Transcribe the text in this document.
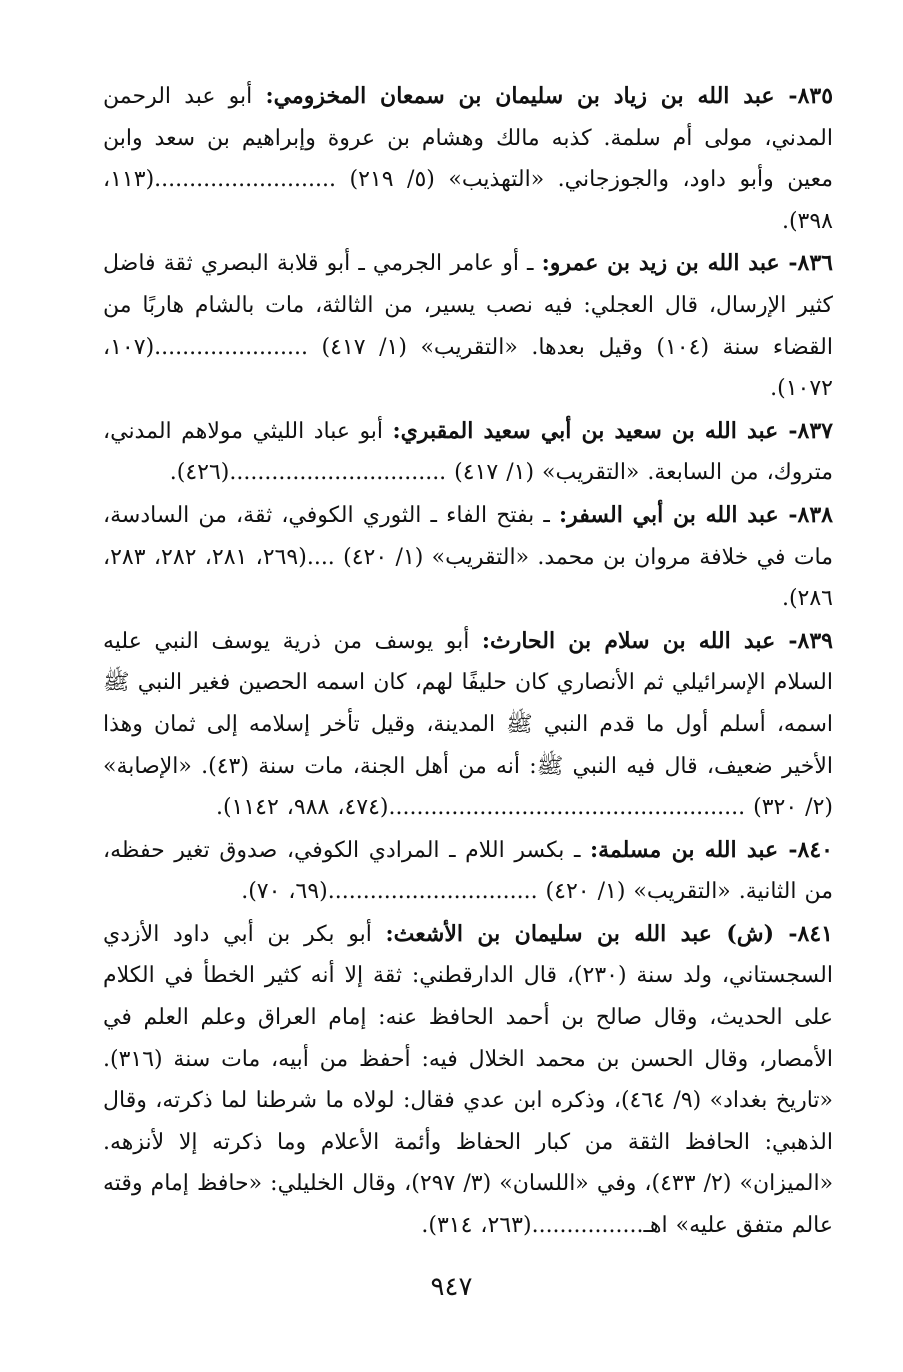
٨٣٥- عبد الله بن زياد بن سليمان بن سمعان المخزومي: أبو عبد الرحمن المدني، مولى أم سلمة. كذبه مالك وهشام بن عروة وإبراهيم بن سعد وابن معين وأبو داود، والجوزجاني. «التهذيب» (٥/ ٢١٩) ..........................(١١٣، ٣٩٨).

٨٣٦- عبد الله بن زيد بن عمرو: ـ أو عامر الجرمي ـ أبو قلابة البصري ثقة فاضل كثير الإرسال، قال العجلي: فيه نصب يسير، من الثالثة، مات بالشام هاربًا من القضاء سنة (١٠٤) وقيل بعدها. «التقريب» (١/ ٤١٧) ......................(١٠٧، ١٠٧٢).

٨٣٧- عبد الله بن سعيد بن أبي سعيد المقبري: أبو عباد الليثي مولاهم المدني، متروك، من السابعة. «التقريب» (١/ ٤١٧) ...............................(٤٢٦).

٨٣٨- عبد الله بن أبي السفر: ـ بفتح الفاء ـ الثوري الكوفي، ثقة، من السادسة، مات في خلافة مروان بن محمد. «التقريب» (١/ ٤٢٠) ....(٢٦٩، ٢٨١، ٢٨٢، ٢٨٣، ٢٨٦).

٨٣٩- عبد الله بن سلام بن الحارث: أبو يوسف من ذرية يوسف النبي عليه السلام الإسرائيلي ثم الأنصاري كان حليفًا لهم، كان اسمه الحصين فغير النبي ﷺ اسمه، أسلم أول ما قدم النبي ﷺ المدينة، وقيل تأخر إسلامه إلى ثمان وهذا الأخير ضعيف، قال فيه النبي ﷺ: أنه من أهل الجنة، مات سنة (٤٣). «الإصابة» (٢/ ٣٢٠) ...................................................(٤٧٤، ٩٨٨، ١١٤٢).

٨٤٠- عبد الله بن مسلمة: ـ بكسر اللام ـ المرادي الكوفي، صدوق تغير حفظه، من الثانية. «التقريب» (١/ ٤٢٠) ..............................(٦٩، ٧٠).

٨٤١- (ش) عبد الله بن سليمان بن الأشعث: أبو بكر بن أبي داود الأزدي السجستاني، ولد سنة (٢٣٠)، قال الدارقطني: ثقة إلا أنه كثير الخطأ في الكلام على الحديث، وقال صالح بن أحمد الحافظ عنه: إمام العراق وعلم العلم في الأمصار، وقال الحسن بن محمد الخلال فيه: أحفظ من أبيه، مات سنة (٣١٦). «تاريخ بغداد» (٩/ ٤٦٤)، وذكره ابن عدي فقال: لولاه ما شرطنا لما ذكرته، وقال الذهبي: الحافظ الثقة من كبار الحفاظ وأئمة الأعلام وما ذكرته إلا لأنزهه. «الميزان» (٢/ ٤٣٣)، وفي «اللسان» (٣/ ٢٩٧)، وقال الخليلي: «حافظ إمام وقته عالم متفق عليه» اهـ................(٢٦٣، ٣١٤).

٩٤٧
